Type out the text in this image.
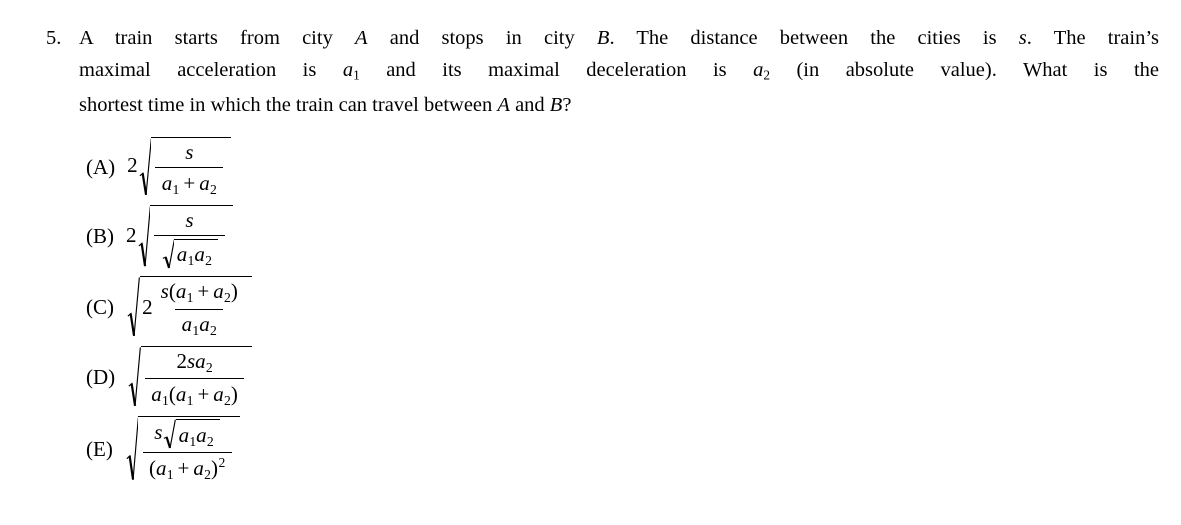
5. A train starts from city A and stops in city B. The distance between the cities is s. The train’s
maximal acceleration is a1 and its maximal deceleration is a2 (in absolute value). What is the
shortest time in which the train can travel between A and B?
(A) $2 \frac{s}{a1 + a2}$
(B) $2 \frac{s}{a1a2}$
(C) $2 \frac{s(a1 + a2)}{a1a2}$
$(D) \frac{2sa2}{a1(a1 + a2)}$
$(E) \frac{\text{s a1a2}}{(a1 + a2)^2}$
